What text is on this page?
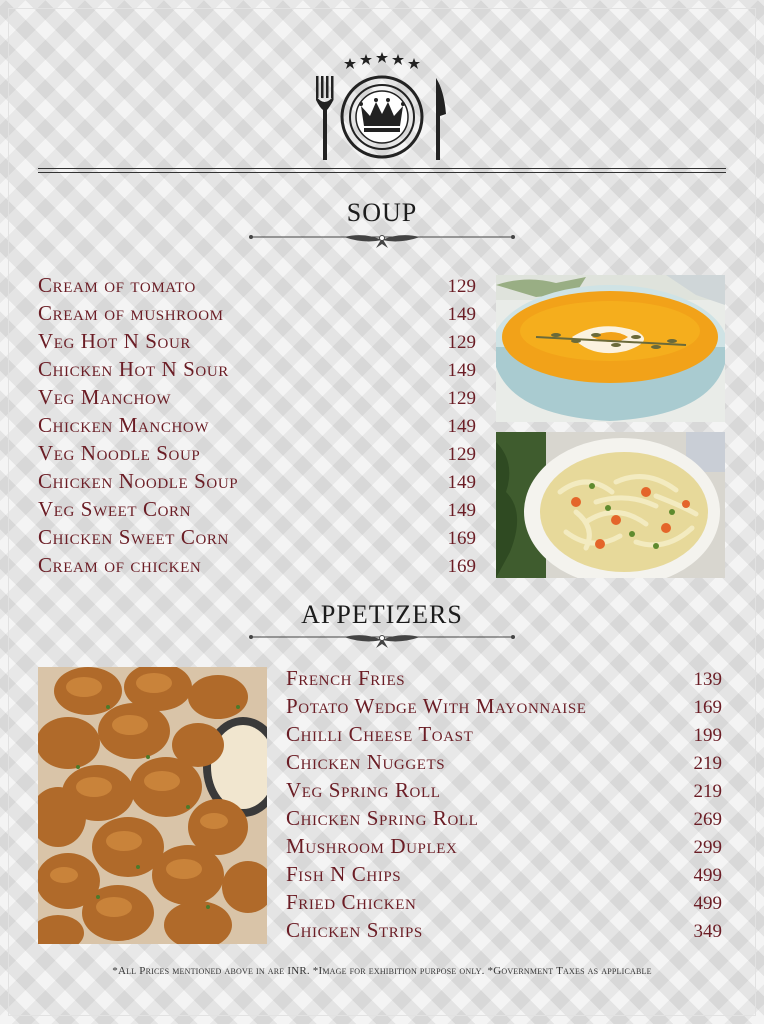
SOUP
Cream of tomato	129
Cream of mushroom	149
Veg Hot N Sour	129
Chicken Hot N Sour	149
Veg Manchow	129
Chicken Manchow	149
Veg Noodle Soup	129
Chicken Noodle Soup	149
Veg Sweet Corn	149
Chicken Sweet Corn	169
Cream of chicken	169
APPETIZERS
French Fries	139
Potato Wedge With Mayonnaise	169
Chilli Cheese Toast	199
Chicken Nuggets	219
Veg Spring Roll	219
Chicken Spring Roll	269
Mushroom Duplex	299
Fish N Chips	499
Fried Chicken	499
Chicken Strips	349
*All Prices mentioned above in are INR. *Image for exhibition purpose only. *Government Taxes as applicable
